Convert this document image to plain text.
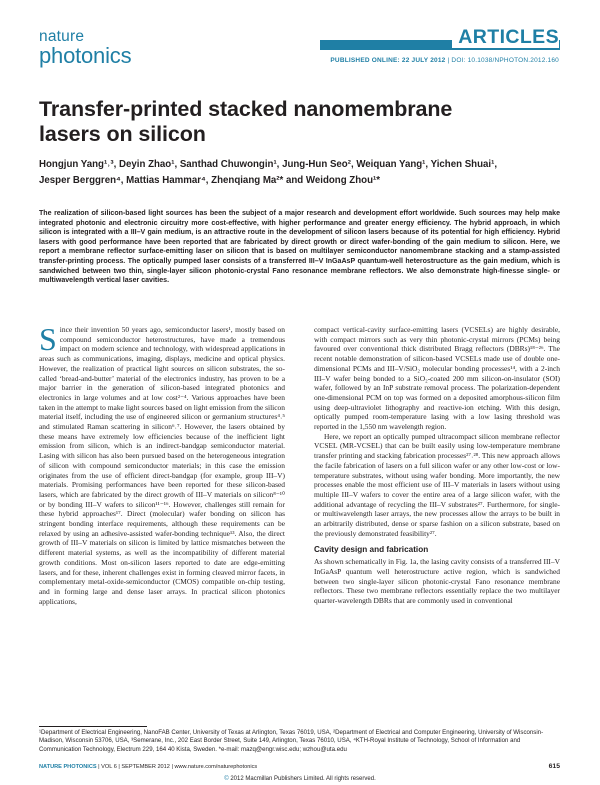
nature
photonics
ARTICLES
PUBLISHED ONLINE: 22 JULY 2012 | DOI: 10.1038/NPHOTON.2012.160
Transfer-printed stacked nanomembrane lasers on silicon
Hongjun Yang¹˒³, Deyin Zhao¹, Santhad Chuwongin¹, Jung-Hun Seo², Weiquan Yang¹, Yichen Shuai¹,
Jesper Berggren⁴, Mattias Hammar⁴, Zhenqiang Ma²* and Weidong Zhou¹*
The realization of silicon-based light sources has been the subject of a major research and development effort worldwide. Such sources may help make integrated photonic and electronic circuitry more cost-effective, with higher performance and greater energy efficiency. The hybrid approach, in which silicon is integrated with a III–V gain medium, is an attractive route in the development of silicon lasers because of its potential for high efficiency. Hybrid lasers with good performance have been reported that are fabricated by direct growth or direct wafer-bonding of the gain medium to silicon. Here, we report a membrane reflector surface-emitting laser on silicon that is based on multilayer semiconductor nanomembrane stacking and a stamp-assisted transfer-printing process. The optically pumped laser consists of a transferred III–V InGaAsP quantum-well heterostructure as the gain medium, which is sandwiched between two thin, single-layer silicon photonic-crystal Fano resonance membrane reflectors. We also demonstrate high-finesse single- or multiwavelength vertical laser cavities.
S ince their invention 50 years ago, semiconductor lasers¹, mostly based on compound semiconductor heterostructures, have made a tremendous impact on modern science and technology, with widespread applications in areas such as communications, imaging, displays, medicine and optical physics. However, the realization of practical light sources on silicon substrates, the so-called ‘bread-and-butter’ material of the electronics industry, has proven to be a major barrier in the generation of silicon-based integrated photonics and electronics in large volumes and at low cost²⁻⁴. Various approaches have been taken in the attempt to make light sources based on light emission from the silicon material itself, including the use of engineered silicon or germanium structures⁴˒⁵ and stimulated Raman scattering in silicon⁶˒⁷. However, the lasers obtained by these means have extremely low efficiencies because of the inefficient light emission from silicon, which is an indirect-bandgap semiconductor material. Lasing with silicon has also been pursued based on the heterogeneous integration of silicon with compound semiconductor materials; in this case the emission originates from the use of efficient direct-bandgap (for example, group III–V) materials. Promising performances have been reported for these silicon-based lasers, which are fabricated by the direct growth of III–V materials on silicon⁸⁻¹⁰ or by bonding III–V wafers to silicon¹¹⁻¹⁶. However, challenges still remain for these hybrid approaches¹⁷. Direct (molecular) wafer bonding on silicon has stringent bonding interface requirements, although these requirements can be relaxed by using an adhesive-assisted wafer-bonding technique¹³. Also, the direct growth of III–V materials on silicon is limited by lattice mismatches between the different material systems, as well as the incompatibility of different material growth conditions. Most on-silicon lasers reported to date are edge-emitting lasers, and for these, inherent challenges exist in forming cleaved mirror facets, in complementary metal-oxide-semiconductor (CMOS) compatible on-chip testing, and in forming large and dense laser arrays. In practical silicon photonics applications,

compact vertical-cavity surface-emitting lasers (VCSELs) are highly desirable, with compact mirrors such as very thin photonic-crystal mirrors (PCMs) being favoured over conventional thick distributed Bragg reflectors (DBRs)¹⁸⁻²⁶. The recent notable demonstration of silicon-based VCSELs made use of double one-dimensional PCMs and III–V/SiO₂ molecular bonding processes¹⁴, with a 2-inch III–V wafer being bonded to a SiO₂-coated 200 mm silicon-on-insulator (SOI) wafer, followed by an InP substrate removal process. The polarization-dependent one-dimensional PCM on top was formed on a deposited amorphous-silicon film using deep-ultraviolet lithography and reactive-ion etching. With this design, optically pumped room-temperature lasing with a low lasing threshold was reported in the 1,550 nm wavelength region.

Here, we report an optically pumped ultracompact silicon membrane reflector VCSEL (MR-VCSEL) that can be built easily using low-temperature membrane transfer printing and stacking fabrication processes²⁷˒²⁸. This new approach allows the facile fabrication of lasers on a full silicon wafer or any other low-cost or low-temperature substrates, without using wafer bonding. More importantly, the new processes enable the most efficient use of III–V materials in lasers without using multiple III–V wafers to cover the entire area of a large silicon wafer, with the additional advantage of recycling the III–V substrates²⁷. Furthermore, for single- or multiwavelength laser arrays, the new processes allow the arrays to be built in an arbitrarily distributed, dense or sparse fashion on a silicon substrate, based on the previously demonstrated feasibility²⁷.

Cavity design and fabrication

As shown schematically in Fig. 1a, the lasing cavity consists of a transferred III–V InGaAsP quantum well heterostructure active region, which is sandwiched between two single-layer silicon photonic-crystal Fano resonance membrane reflectors. These two membrane reflectors essentially replace the two multilayer quarter-wavelength DBRs that are commonly used in conventional

¹Department of Electrical Engineering, NanoFAB Center, University of Texas at Arlington, Texas 76019, USA, ²Department of Electrical and Computer Engineering, University of Wisconsin-Madison, Wisconsin 53706, USA, ³Semerane, Inc., 202 East Border Street, Suite 149, Arlington, Texas 76010, USA, ⁴KTH-Royal Institute of Technology, School of Information and Communication Technology, Electrum 229, 164 40 Kista, Sweden. *e-mail: mazq@engr.wisc.edu; wzhou@uta.edu
NATURE PHOTONICS | VOL 6 | SEPTEMBER 2012 | www.nature.com/naturephotonics	615
© 2012 Macmillan Publishers Limited. All rights reserved.
